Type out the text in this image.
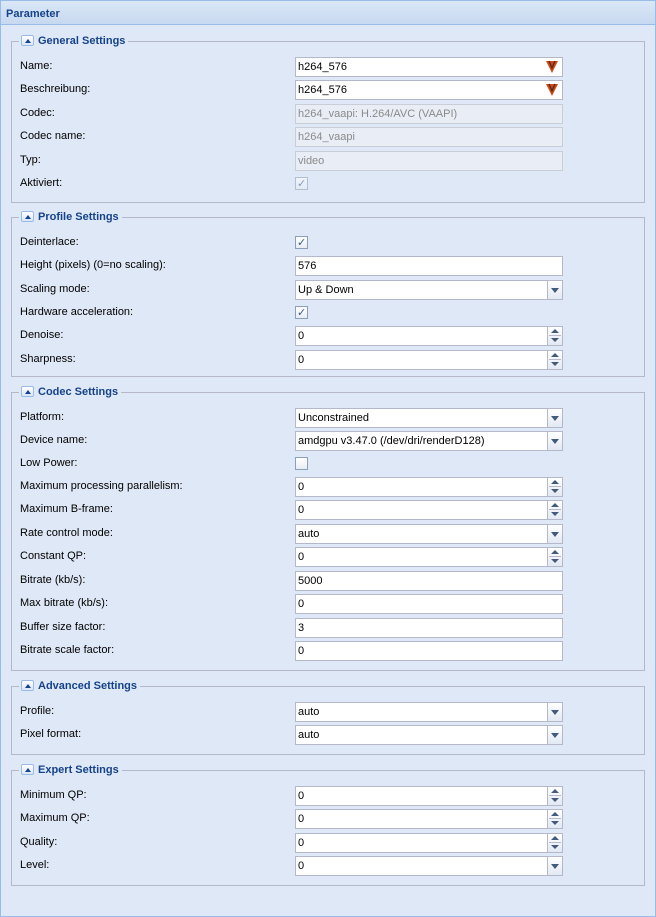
Parameter
General Settings
Name:	h264_576
Beschreibung:	h264_576
Codec:	h264_vaapi: H.264/AVC (VAAPI)
Codec name:	h264_vaapi
Typ:	video
Aktiviert:	✓
Profile Settings
Deinterlace:	✓
Height (pixels) (0=no scaling):	576
Scaling mode:	Up & Down
Hardware acceleration:	✓
Denoise:	0
Sharpness:	0
Codec Settings
Platform:	Unconstrained
Device name:	amdgpu v3.47.0 (/dev/dri/renderD128)
Low Power:
Maximum processing parallelism:	0
Maximum B-frame:	0
Rate control mode:	auto
Constant QP:	0
Bitrate (kb/s):	5000
Max bitrate (kb/s):	0
Buffer size factor:	3
Bitrate scale factor:	0
Advanced Settings
Profile:	auto
Pixel format:	auto
Expert Settings
Minimum QP:	0
Maximum QP:	0
Quality:	0
Level:	0
